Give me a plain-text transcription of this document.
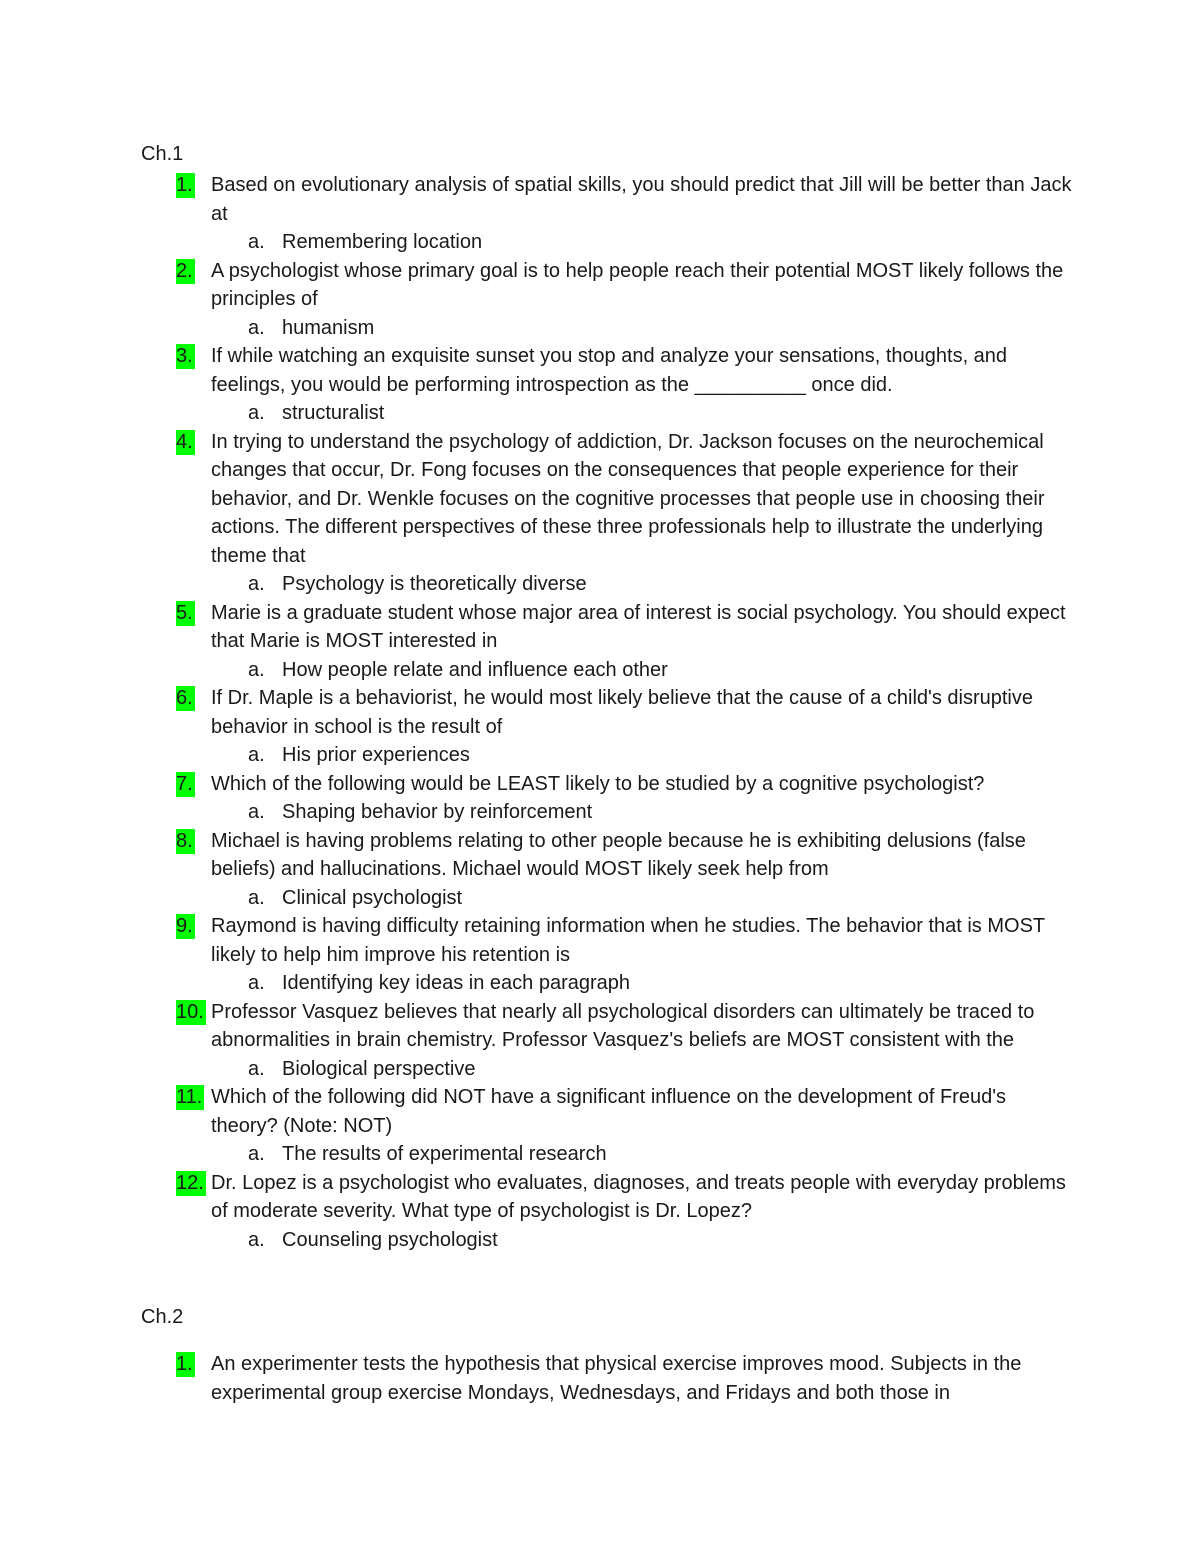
Ch.1
1. Based on evolutionary analysis of spatial skills, you should predict that Jill will be better than Jack at
a. Remembering location
2. A psychologist whose primary goal is to help people reach their potential MOST likely follows the principles of
a. humanism
3. If while watching an exquisite sunset you stop and analyze your sensations, thoughts, and feelings, you would be performing introspection as the __________ once did.
a. structuralist
4. In trying to understand the psychology of addiction, Dr. Jackson focuses on the neurochemical changes that occur, Dr. Fong focuses on the consequences that people experience for their behavior, and Dr. Wenkle focuses on the cognitive processes that people use in choosing their actions. The different perspectives of these three professionals help to illustrate the underlying theme that
a. Psychology is theoretically diverse
5. Marie is a graduate student whose major area of interest is social psychology. You should expect that Marie is MOST interested in
a. How people relate and influence each other
6. If Dr. Maple is a behaviorist, he would most likely believe that the cause of a child's disruptive behavior in school is the result of
a. His prior experiences
7. Which of the following would be LEAST likely to be studied by a cognitive psychologist?
a. Shaping behavior by reinforcement
8. Michael is having problems relating to other people because he is exhibiting delusions (false beliefs) and hallucinations. Michael would MOST likely seek help from
a. Clinical psychologist
9. Raymond is having difficulty retaining information when he studies. The behavior that is MOST likely to help him improve his retention is
a. Identifying key ideas in each paragraph
10. Professor Vasquez believes that nearly all psychological disorders can ultimately be traced to abnormalities in brain chemistry. Professor Vasquez's beliefs are MOST consistent with the
a. Biological perspective
11. Which of the following did NOT have a significant influence on the development of Freud's theory? (Note: NOT)
a. The results of experimental research
12. Dr. Lopez is a psychologist who evaluates, diagnoses, and treats people with everyday problems of moderate severity. What type of psychologist is Dr. Lopez?
a. Counseling psychologist
Ch.2
1. An experimenter tests the hypothesis that physical exercise improves mood. Subjects in the experimental group exercise Mondays, Wednesdays, and Fridays and both those in
